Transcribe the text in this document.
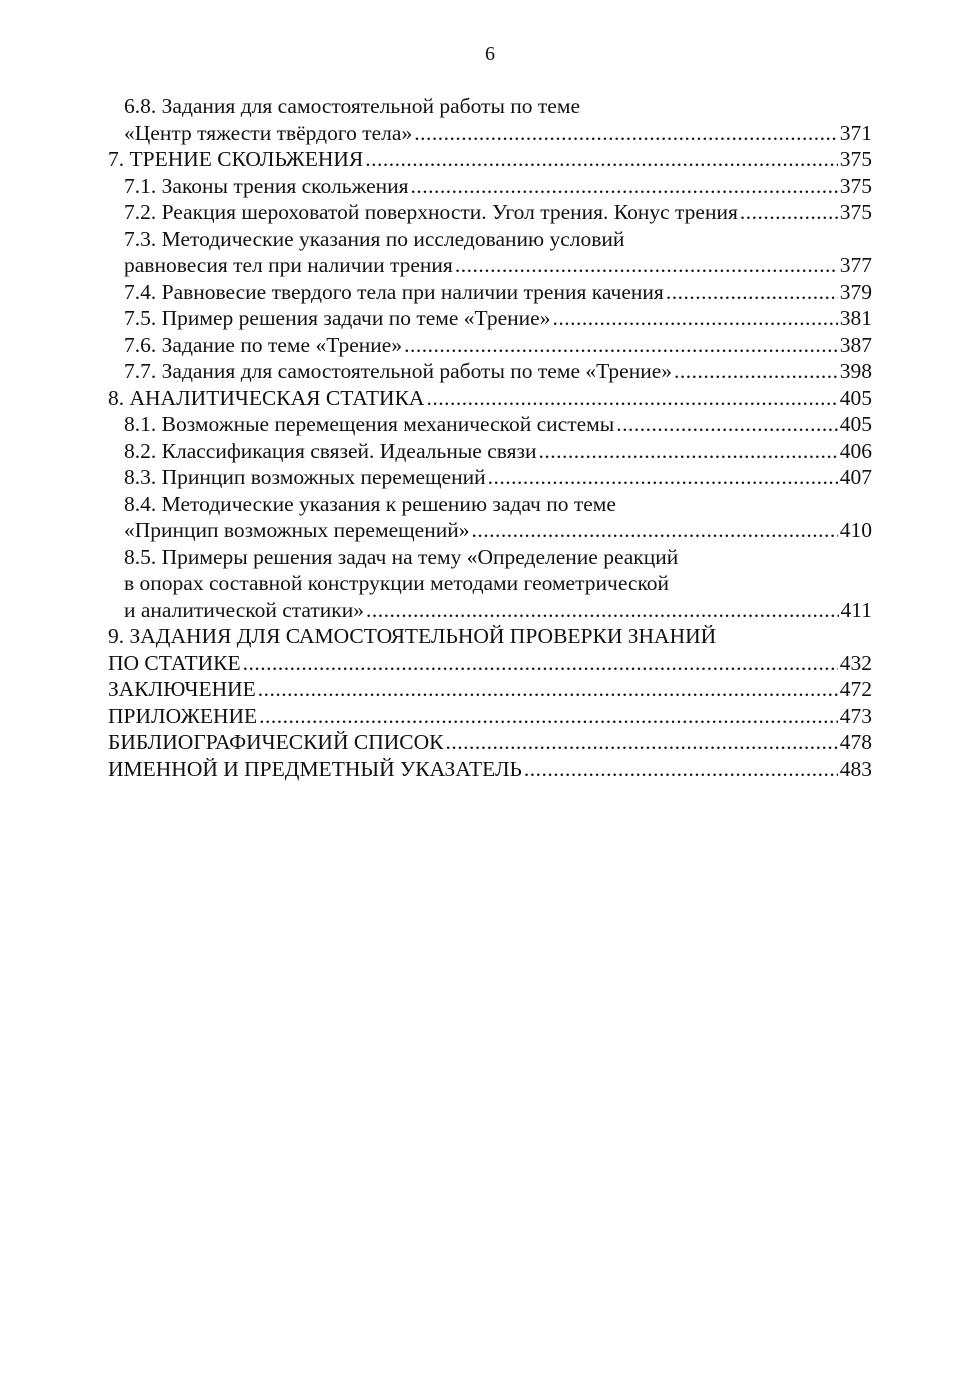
6
6.8. Задания для самостоятельной работы по теме
«Центр тяжести твёрдого тела» .....	371
7. ТРЕНИЕ СКОЛЬЖЕНИЯ .....	375
7.1. Законы трения скольжения .....	375
7.2. Реакция шероховатой поверхности. Угол трения. Конус трения .....	375
7.3. Методические указания по исследованию условий
равновесия тел при наличии трения .....	377
7.4. Равновесие твердого тела при наличии трения качения .....	379
7.5. Пример решения задачи по теме «Трение» .....	381
7.6. Задание по теме «Трение» .....	387
7.7. Задания для самостоятельной работы по теме «Трение» .....	398
8. АНАЛИТИЧЕСКАЯ СТАТИКА .....	405
8.1. Возможные перемещения механической системы .....	405
8.2. Классификация связей. Идеальные связи .....	406
8.3. Принцип возможных перемещений .....	407
8.4. Методические указания к решению задач по теме
«Принцип возможных перемещений» .....	410
8.5. Примеры решения задач на тему «Определение реакций
в опорах составной конструкции методами геометрической
и аналитической статики» .....	411
9. ЗАДАНИЯ ДЛЯ САМОСТОЯТЕЛЬНОЙ ПРОВЕРКИ ЗНАНИЙ
ПО СТАТИКЕ .....	432
ЗАКЛЮЧЕНИЕ .....	472
ПРИЛОЖЕНИЕ .....	473
БИБЛИОГРАФИЧЕСКИЙ СПИСОК .....	478
ИМЕННОЙ И ПРЕДМЕТНЫЙ УКАЗАТЕЛЬ .....	483
